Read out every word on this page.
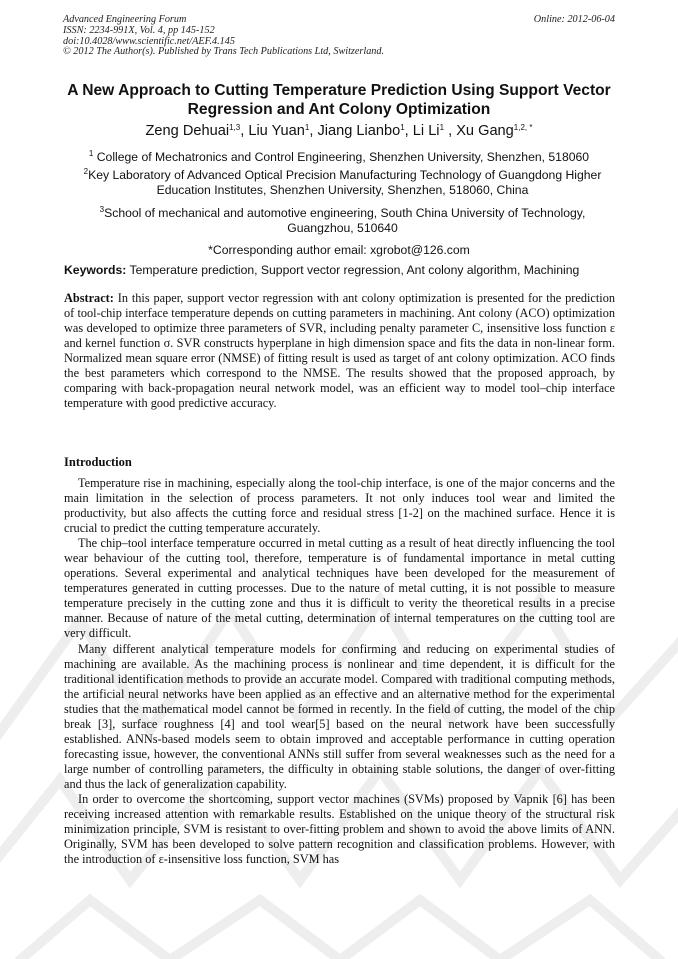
Advanced Engineering Forum
ISSN: 2234-991X, Vol. 4, pp 145-152
doi:10.4028/www.scientific.net/AEF.4.145
© 2012 The Author(s). Published by Trans Tech Publications Ltd, Switzerland.
Online: 2012-06-04
A New Approach to Cutting Temperature Prediction Using Support Vector Regression and Ant Colony Optimization
Zeng Dehuai$^{1,3}$, Liu Yuan$^1$, Jiang Lianbo$^1$, Li Li$^1$ , Xu Gang$^{1,2, *}$
$^1$ College of Mechatronics and Control Engineering, Shenzhen University, Shenzhen, 518060
$^2$Key Laboratory of Advanced Optical Precision Manufacturing Technology of Guangdong Higher Education Institutes, Shenzhen University, Shenzhen, 518060, China
$^3$School of mechanical and automotive engineering, South China University of Technology, Guangzhou, 510640
*Corresponding author email: xgrobot@126.com
Keywords: Temperature prediction, Support vector regression, Ant colony algorithm, Machining
Abstract: In this paper, support vector regression with ant colony optimization is presented for the prediction of tool-chip interface temperature depends on cutting parameters in machining. Ant colony (ACO) optimization was developed to optimize three parameters of SVR, including penalty parameter C, insensitive loss function ε and kernel function σ. SVR constructs hyperplane in high dimension space and fits the data in non-linear form. Normalized mean square error (NMSE) of fitting result is used as target of ant colony optimization. ACO finds the best parameters which correspond to the NMSE. The results showed that the proposed approach, by comparing with back-propagation neural network model, was an efficient way to model tool–chip interface temperature with good predictive accuracy.
Introduction

Temperature rise in machining, especially along the tool-chip interface, is one of the major concerns and the main limitation in the selection of process parameters. It not only induces tool wear and limited the productivity, but also affects the cutting force and residual stress [1-2] on the machined surface. Hence it is crucial to predict the cutting temperature accurately.

The chip–tool interface temperature occurred in metal cutting as a result of heat directly influencing the tool wear behaviour of the cutting tool, therefore, temperature is of fundamental importance in metal cutting operations. Several experimental and analytical techniques have been developed for the measurement of temperatures generated in cutting processes. Due to the nature of metal cutting, it is not possible to measure temperature precisely in the cutting zone and thus it is difficult to verity the theoretical results in a precise manner. Because of nature of the metal cutting, determination of internal temperatures on the cutting tool are very difficult.

Many different analytical temperature models for confirming and reducing on experimental studies of machining are available. As the machining process is nonlinear and time dependent, it is difficult for the traditional identification methods to provide an accurate model. Compared with traditional computing methods, the artificial neural networks have been applied as an effective and an alternative method for the experimental studies that the mathematical model cannot be formed in recently. In the field of cutting, the model of the chip break [3], surface roughness [4] and tool wear[5] based on the neural network have been successfully established. ANNs-based models seem to obtain improved and acceptable performance in cutting operation forecasting issue, however, the conventional ANNs still suffer from several weaknesses such as the need for a large number of controlling parameters, the difficulty in obtaining stable solutions, the danger of over-fitting and thus the lack of generalization capability.

In order to overcome the shortcoming, support vector machines (SVMs) proposed by Vapnik [6] has been receiving increased attention with remarkable results. Established on the unique theory of the structural risk minimization principle, SVM is resistant to over-fitting problem and shown to avoid the above limits of ANN. Originally, SVM has been developed to solve pattern recognition and classification problems. However, with the introduction of ε-insensitive loss function, SVM has
